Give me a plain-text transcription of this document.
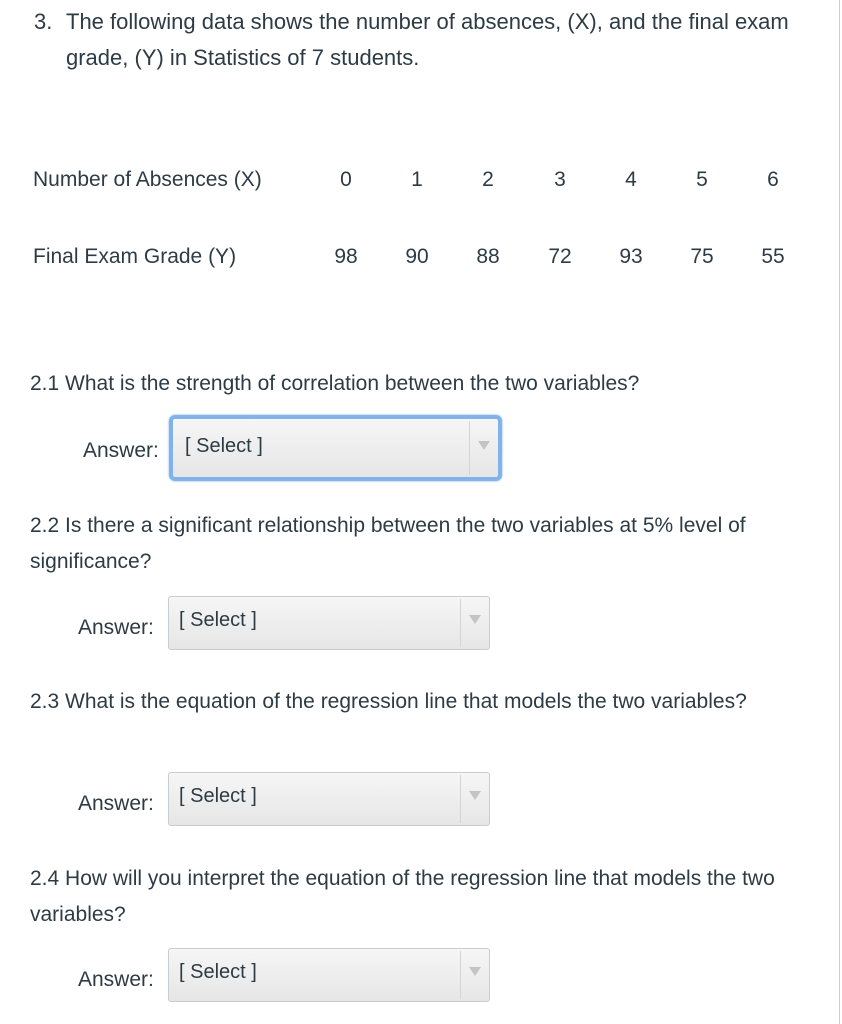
3. The following data shows the number of absences, (X), and the final exam grade, (Y) in Statistics of 7 students.
Number of Absences (X)	0	1	2	3	4	5	6
Final Exam Grade (Y)	98	90	88	72	93	75	55
2.1 What is the strength of correlation between the two variables?
Answer: [ Select ]
2.2 Is there a significant relationship between the two variables at 5% level of significance?
Answer: [ Select ]
2.3 What is the equation of the regression line that models the two variables?
Answer: [ Select ]
2.4 How will you interpret the equation of the regression line that models the two variables?
Answer: [ Select ]
